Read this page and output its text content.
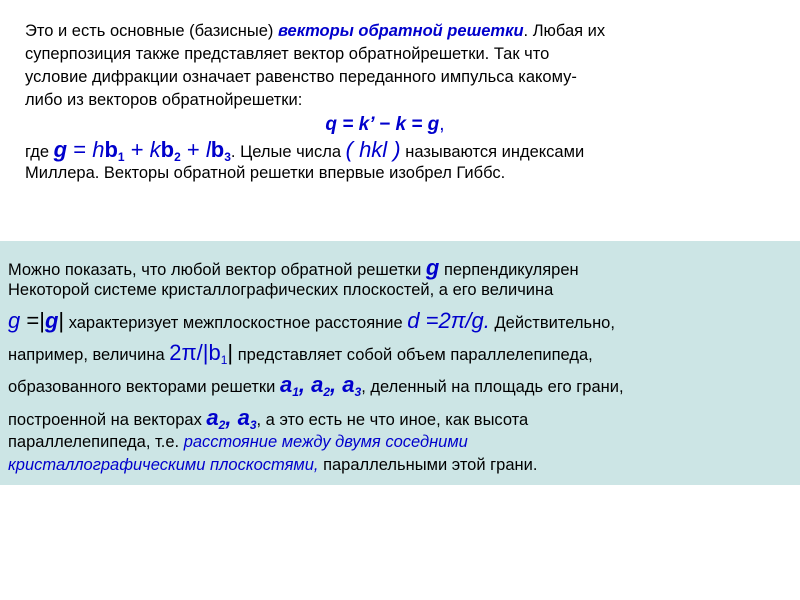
Это и есть основные (базисные) векторы обратной решетки. Любая их
суперпозиция также представляет вектор обратнойрешетки. Так что
условие дифракции означает равенство переданного импульса какому-
либо из векторов обратнойрешетки:
q = k’ − k = g,
где $g = hb_1 + kb_2 + lb_3$. Целые числа ( hkl ) называются индексами
Миллера. Векторы обратной решетки впервые изобрел Гиббс.
Можно показать, что любой вектор обратной решетки g перпендикулярен
Некоторой системе кристаллографических плоскостей, а его величина
g =|g| характеризует межплоскостное расстояние d =2π/g. Действительно,
например, величина $2\pi/|b_1|$ представляет собой объем параллелепипеда,
образованного векторами решетки $a_1$, $a_2$, $a_3$, деленный на площадь его грани,
построенной на векторах $a_2$, $a_3$, а это есть не что иное, как высота
параллелепипеда, т.е. расстояние между двумя соседними
кристаллографическими плоскостями, параллельными этой грани.
